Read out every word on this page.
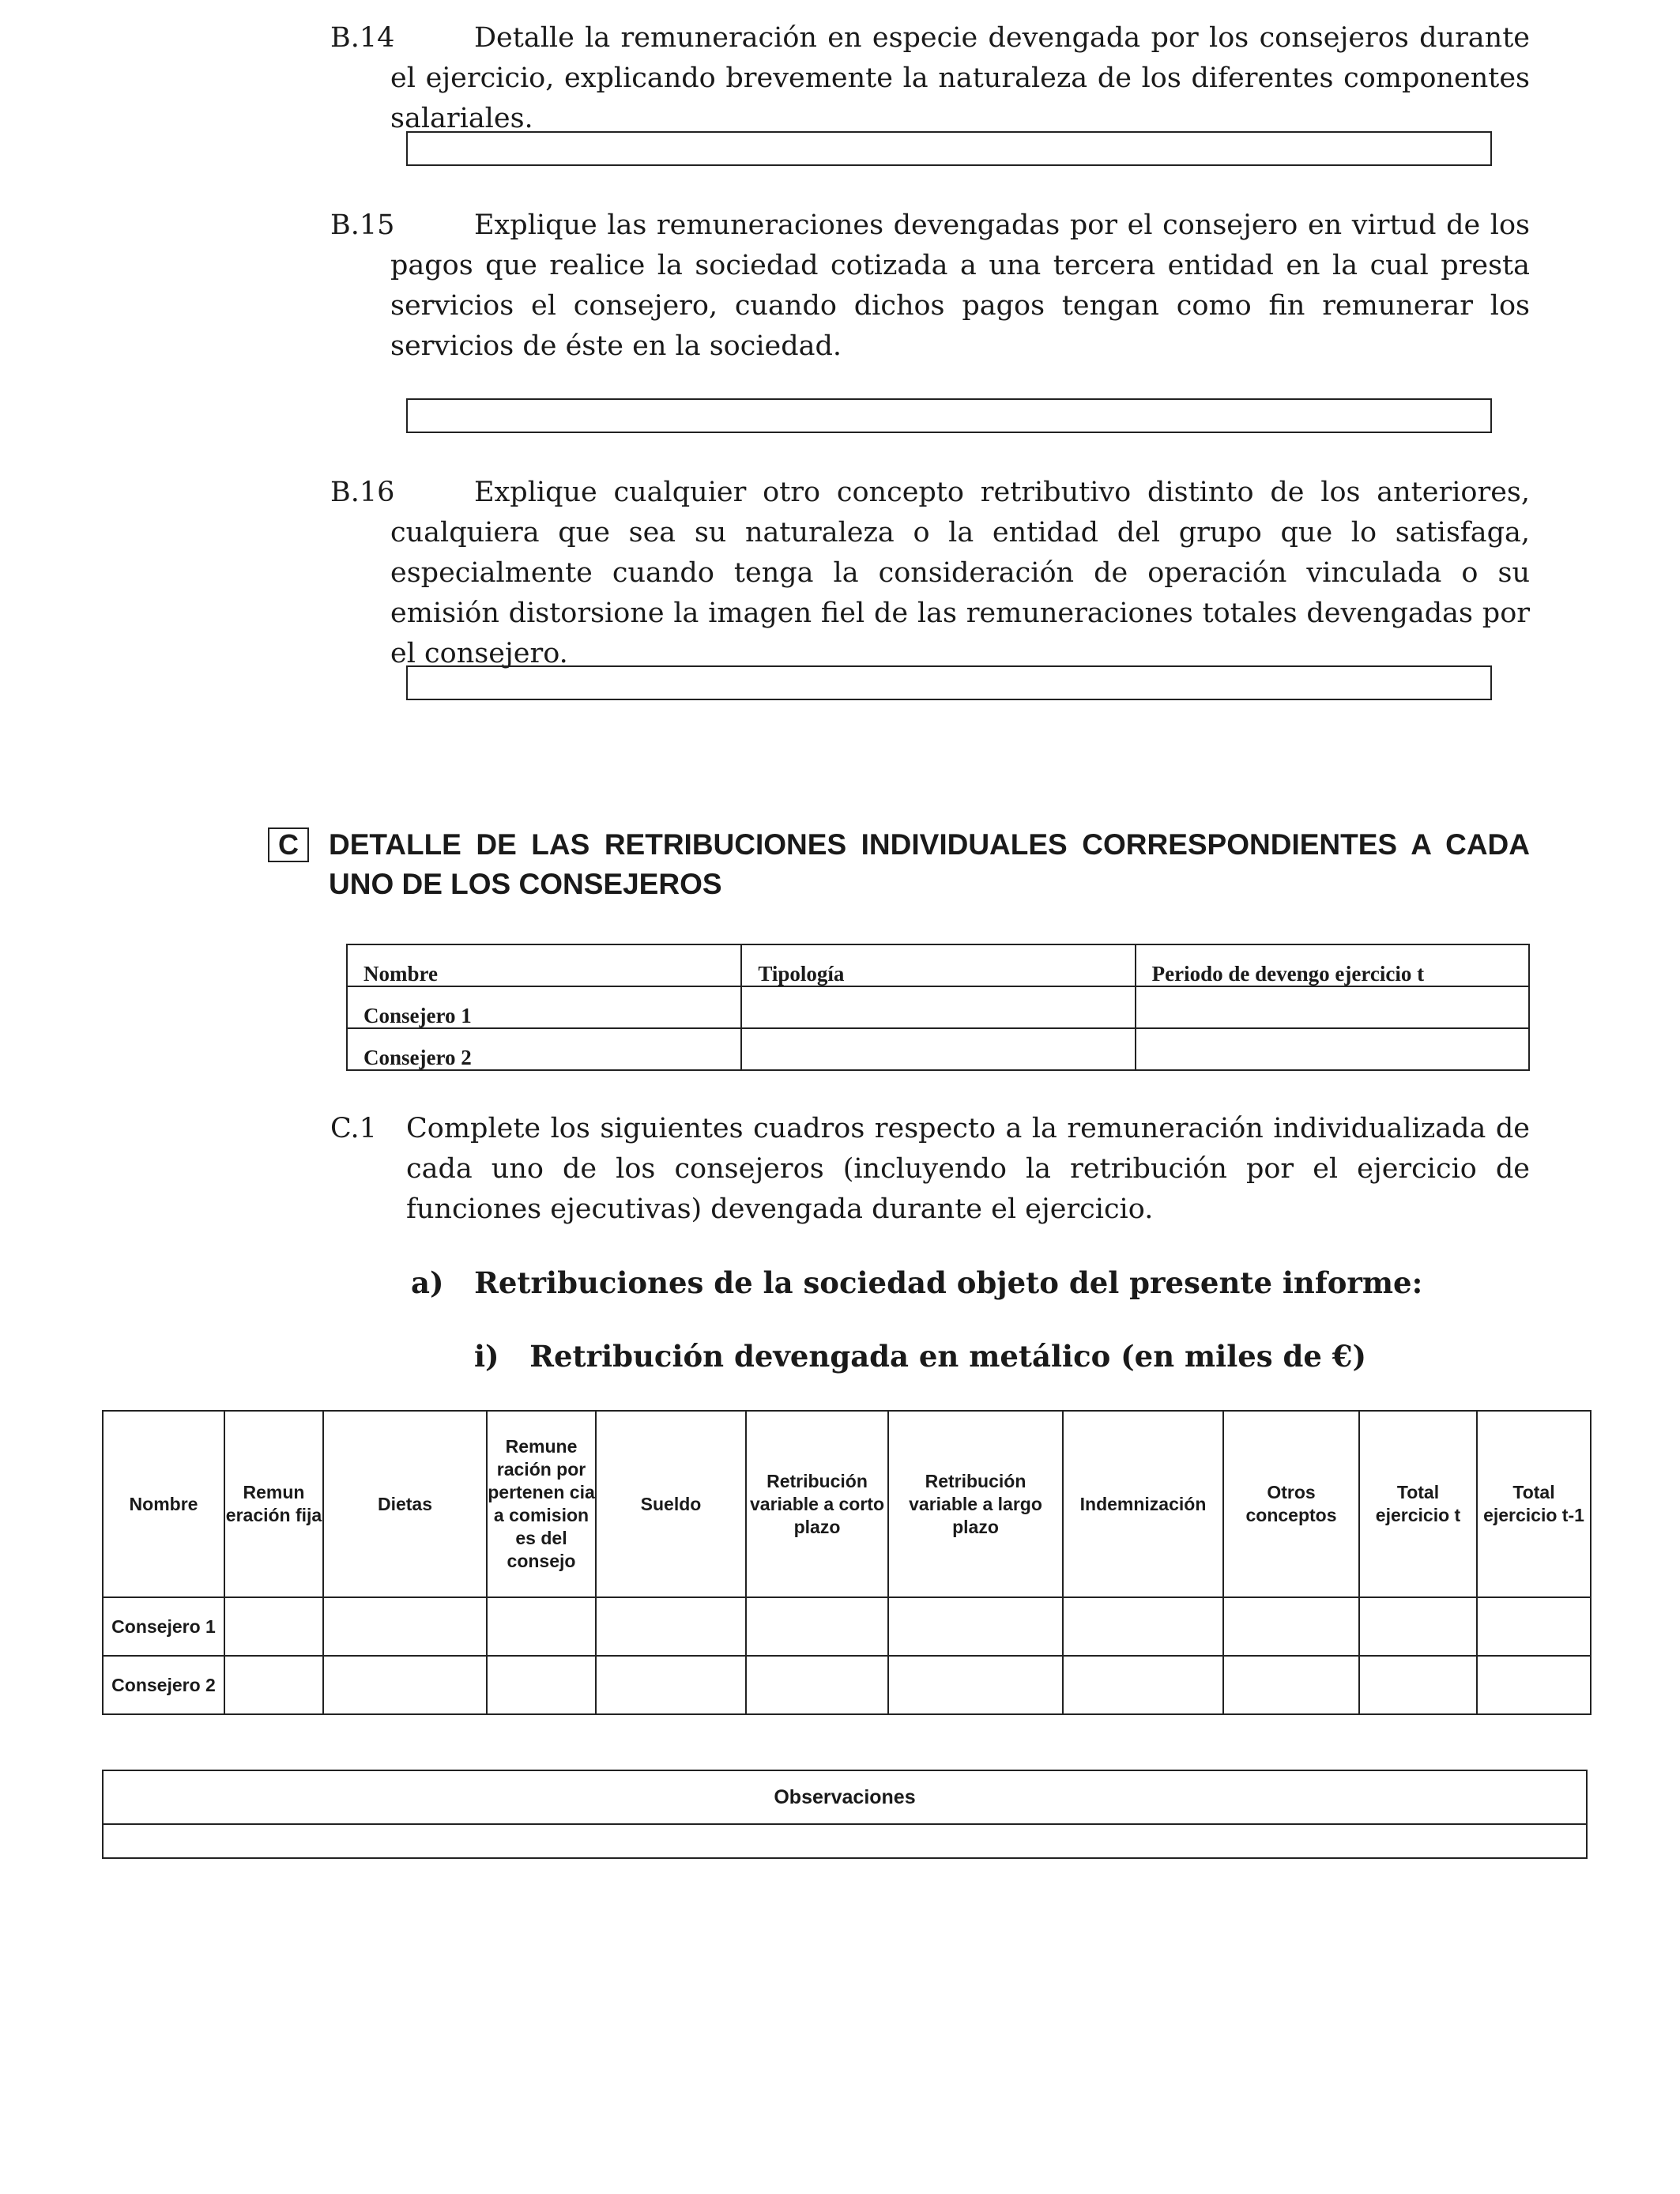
B.14	Detalle la remuneración en especie devengada por los consejeros durante el ejercicio, explicando brevemente la naturaleza de los diferentes componentes salariales.

B.15	Explique las remuneraciones devengadas por el consejero en virtud de los pagos que realice la sociedad cotizada a una tercera entidad en la cual presta servicios el consejero, cuando dichos pagos tengan como fin remunerar los servicios de éste en la sociedad.

B.16	Explique cualquier otro concepto retributivo distinto de los anteriores, cualquiera que sea su naturaleza o la entidad del grupo que lo satisfaga, especialmente cuando tenga la consideración de operación vinculada o su emisión distorsione la imagen fiel de las remuneraciones totales devengadas por el consejero.

C	DETALLE DE LAS RETRIBUCIONES INDIVIDUALES CORRESPONDIENTES A CADA UNO DE LOS CONSEJEROS

Nombre	Tipología	Periodo de devengo ejercicio t
Consejero 1		
Consejero 2		
C.1 Complete los siguientes cuadros respecto a la remuneración individualizada de cada uno de los consejeros (incluyendo la retribución por el ejercicio de funciones ejecutivas) devengada durante el ejercicio.

a) Retribuciones de la sociedad objeto del presente informe:
i) Retribución devengada en metálico (en miles de €)
Nombre	Remun eración fija	Dietas	Remune ración por pertenen cia a comision es del consejo	Sueldo	Retribución variable a corto plazo	Retribución variable a largo plazo	Indemnización	Otros conceptos	Total ejercicio t	Total ejercicio t-1
Consejero 1										
Consejero 2										
Observaciones
